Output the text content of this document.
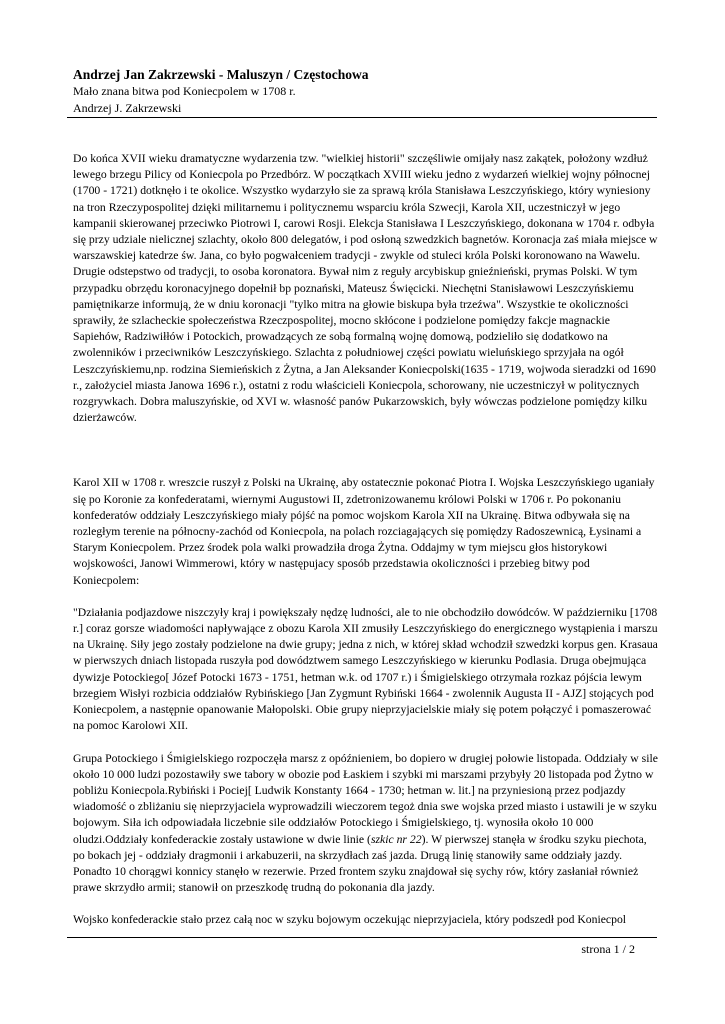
Andrzej Jan Zakrzewski - Maluszyn / Częstochowa

Mało znana bitwa pod Koniecpolem w 1708 r.

Andrzej J. Zakrzewski

Do końca XVII wieku dramatyczne wydarzenia tzw. "wielkiej historii" szczęśliwie omijały nasz zakątek, położony wzdłuż lewego brzegu Pilicy od Koniecpola po Przedbórz. W początkach XVIII wieku jedno z wydarzeń wielkiej wojny północnej (1700 - 1721) dotknęło i te okolice. Wszystko wydarzyło sie za sprawą króla Stanisława Leszczyńskiego, który wyniesiony na tron Rzeczypospolitej dzięki militarnemu i politycznemu wsparciu króla Szwecji, Karola XII, uczestniczył w jego kampanii skierowanej przeciwko Piotrowi I, carowi Rosji. Elekcja Stanisława I Leszczyńskiego, dokonana w 1704 r. odbyła się przy udziale nielicznej szlachty, około 800 delegatów, i pod osłoną szwedzkich bagnetów. Koronacja zaś miała miejsce w warszawskiej katedrze św. Jana, co było pogwałceniem tradycji - zwykle od stuleci króla Polski koronowano na Wawelu. Drugie odstepstwo od tradycji, to osoba koronatora. Bywał nim z reguły arcybiskup gnieźnieński, prymas Polski. W tym przypadku obrzędu koronacyjnego dopełnił bp poznański, Mateusz Święcicki. Niechętni Stanisławowi Leszczyńskiemu pamiętnikarze informują, że w dniu koronacji "tylko mitra na głowie biskupa była trzeźwa". Wszystkie te okoliczności sprawiły, że szlacheckie społeczeństwa Rzeczpospolitej, mocno skłócone i podzielone pomiędzy fakcje magnackie Sapiehów, Radziwiłłów i Potockich, prowadzących ze sobą formalną wojnę domową, podzieliło się dodatkowo na zwolenników i przeciwników Leszczyńskiego. Szlachta z południowej części powiatu wieluńskiego sprzyjała na ogół Leszczyńskiemu,np. rodzina Siemieńskich z Żytna, a Jan Aleksander Koniecpolski(1635 - 1719, wojwoda sieradzki od 1690 r., założyciel miasta Janowa 1696 r.), ostatni z rodu właścicieli Koniecpola, schorowany, nie uczestniczył w politycznych rozgrywkach. Dobra maluszyńskie, od XVI w. własność panów Pukarzowskich, były wówczas podzielone pomiędzy kilku dzierżawców.

Karol XII w 1708 r. wreszcie ruszył z Polski na Ukrainę, aby ostatecznie pokonać Piotra I. Wojska Leszczyńskiego uganiały się po Koronie za konfederatami, wiernymi Augustowi II, zdetronizowanemu królowi Polski w 1706 r. Po pokonaniu konfederatów oddziały Leszczyńskiego miały pójść na pomoc wojskom Karola XII na Ukrainę. Bitwa odbywała się na rozległym terenie na północny-zachód od Koniecpola, na polach rozciagających się pomiędzy Radoszewnicą, Łysinami a Starym Koniecpolem. Przez środek pola walki prowadziła droga Żytna. Oddajmy w tym miejscu głos historykowi wojskowości, Janowi Wimmerowi, który w następujacy sposób przedstawia okoliczności i przebieg bitwy pod Koniecpolem:

"Działania podjazdowe niszczyły kraj i powiększały nędzę ludności, ale to nie obchodziło dowódców. W październiku [1708 r.] coraz gorsze wiadomości napływające z obozu Karola XII zmusiły Leszczyńskiego do energicznego wystąpienia i marszu na Ukrainę. Siły jego zostały podzielone na dwie grupy; jedna z nich, w której skład wchodził szwedzki korpus gen. Krasaua w pierwszych dniach listopada ruszyła pod dowództwem samego Leszczyńskiego w kierunku Podlasia. Druga obejmująca dywizje Potockiego[ Józef Potocki 1673 - 1751, hetman w.k. od 1707 r.) i Śmigielskiego otrzymała rozkaz pójścia lewym brzegiem Wisłyi rozbicia oddziałów Rybińskiego [Jan Zygmunt Rybiński 1664 - zwolennik Augusta II - AJZ] stojących pod Koniecpolem, a następnie opanowanie Małopolski. Obie grupy nieprzyjacielskie miały się potem połączyć i pomaszerować na pomoc Karolowi XII.

Grupa Potockiego i Śmigielskiego rozpoczęła marsz z opóźnieniem, bo dopiero w drugiej połowie listopada. Oddziały w sile około 10 000 ludzi pozostawiły swe tabory w obozie pod Łaskiem i szybki mi marszami przybyły 20 listopada pod Żytno w pobliżu Koniecpola.Rybiński i Pociej[ Ludwik Konstanty 1664 - 1730; hetman w. lit.] na przyniesioną przez podjazdy wiadomość o zbliżaniu się nieprzyjaciela wyprowadzili wieczorem tegoż dnia swe wojska przed miasto i ustawili je w szyku bojowym. Siła ich odpowiadała liczebnie sile oddziałów Potockiego i Śmigielskiego, tj. wynosiła około 10 000 oludzi.Oddziały konfederackie zostały ustawione w dwie linie (szkic nr 22). W pierwszej stanęła w środku szyku piechota, po bokach jej - oddziały dragmonii i arkabuzerii, na skrzydłach zaś jazda. Drugą linię stanowiły same oddziały jazdy. Ponadto 10 chorągwi konnicy stanęło w rezerwie. Przed frontem szyku znajdował się sychy rów, który zasłaniał również prawe skrzydło armii; stanowił on przeszkodę trudną do pokonania dla jazdy.

Wojsko konfederackie stało przez całą noc w szyku bojowym oczekując nieprzyjaciela, który podszedł pod Koniecpol

strona 1 / 2
